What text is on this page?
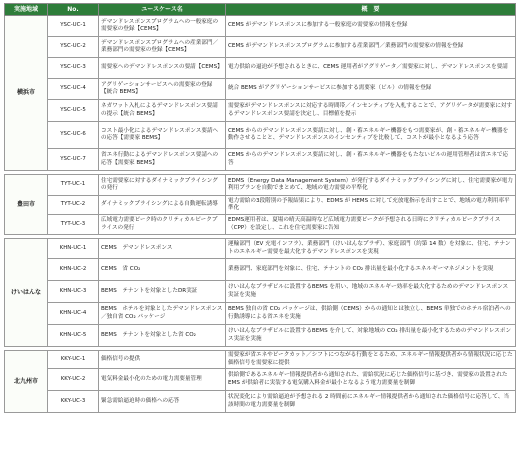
実施地域	No.	ユースケース名	概　要
横浜市	YSC-UC-1	デマンドレスポンスプログラムへの一般家庭の需要家の登録【CEMS】	CEMS がデマンドレスポンスに参加する一般家庭の需要家の情報を登録
	YSC-UC-2	デマンドレスポンスプログラムへの産業部門／業務部門の需要家の登録【CEMS】	CEMS がデマンドレスポンスプログラムに参加する産業部門／業務部門の需要家の情報を登録
	YSC-UC-3	需要家へのデマンドレスポンスの要請【CEMS】	電力供給の逼迫が予想されるときに、CEMS 運用者がアグリゲータ／需要家に対し、デマンドレスポンスを要請
	YSC-UC-4	アグリゲーションサービスへの需要家の登録【統合 BEMS】	統合 BEMS がアグリゲーションサービスに参加する需要家（ビル）の情報を登録
	YSC-UC-5	ネガワット入札によるデマンドレスポンス要請の提示【統合 BEMS】	需要家がデマンドレスポンスに対応する時間帯／インセンティブを入札することで、アグリゲータが需要家に対するデマンドレスポンス要請を決定し、目標値を提示
	YSC-UC-6	コスト最小化によるデマンドレスポンス要請への応答【需要家 BEMS】	CEMS からのデマンドレスポンス要請に対し、創・蓄エネルギー機器をもつ需要家が、創・蓄エネルギー機器を動作させることと、デマンドレスポンスのインセンティブを比較して、コストが最小となるよう応答
	YSC-UC-7	省エネ行動によるデマンドレスポンス要請への応答【需要家 BEMS】	CEMS からのデマンドレスポンス要請に対し、創・蓄エネルギー機器をもたないビルの運用管理者は省エネで応答

豊田市	TYT-UC-1	住宅需要家に対するダイナミックプライシングの発行	EDMS（Energy Data Management System）が発行するダイナミックプライシングに対し、住宅需要家が電力利用プランを自動でまとめて、地域の電力需要の平準化
	TYT-UC-2	ダイナミックプライシングによる自動運転誘導	電力需給の3段階別の予報結果により、EDMS が HEMS に対して充放電指示を出すことで、地域の電力利用率平準化
	TYT-UC-3	広域電力需要ピーク時のクリティカルピークプライスの発行	EDMS運用者は、夏場の晴天高温時など広域電力需要ピークが予想される日時にクリティカルピークプライス（CPP）を設定し、これを住宅需要家に告知

けいはんな	KHN-UC-1	CEMS　デマンドレスポンス	運輸部門（EV 充電インフラ）、業務部門（けいはんなプラザ）、家庭部門（約第 14 数）を対象に、住宅、テナントのエネルギー需要を最大化するデマンドレスポンスを実現
	KHN-UC-2	CEMS　省 CO₂	業務部門、家庭部門を対象に、住宅、テナントの CO₂ 排出量を最小化するエネルギーマネジメントを実現
	KHN-UC-3	BEMS　テナントを対象としたDR実証	けいはんなプラザビルに設置するBEMS を用い、地域のエネルギー効率を最大化するためのデマンドレスポンス実証を実施
	KHN-UC-4	BEMS　ホテルを対象としたデマンドレスポンス／独自省 CO₂ パッケージ	BEMS 独自の省 CO₂ パッケージは、供給側（CEMS）からの通知とは独立し、BEMS 単独でのホテル宿泊者への行動誘導による省エネを実施
	KHN-UC-5	BEMS　テナントを対象とした省 CO₂	けいはんなプラザビルに設置するBEMS を介して、対象地域の CO₂ 排出量を最小化するためのデマンドレスポンス実証を実施

北九州市	KKY-UC-1	価格信号の提供	需要家が省エネやピークカット／シフトにつながる行動をとるため、エネルギー情報提供者から情報状況に応じた価格信号を需要家に提供
	KKY-UC-2	電気料金最小化のための電力需要量管理	供給側であるエネルギー情報提供者から通知された、需給状況に応じた価格信号に基づき、需要家の設置されたEMS が供給者に実装する電気購入料金が最小となるよう電力需要量を制御
	KKY-UC-3	緊急需給逼迫時の価格への応答	状況変化により需給逼迫が予想される 2 時間前にエネルギー情報提供者から通知された価格信号に応答して、当該時間の電力需要量を制御
